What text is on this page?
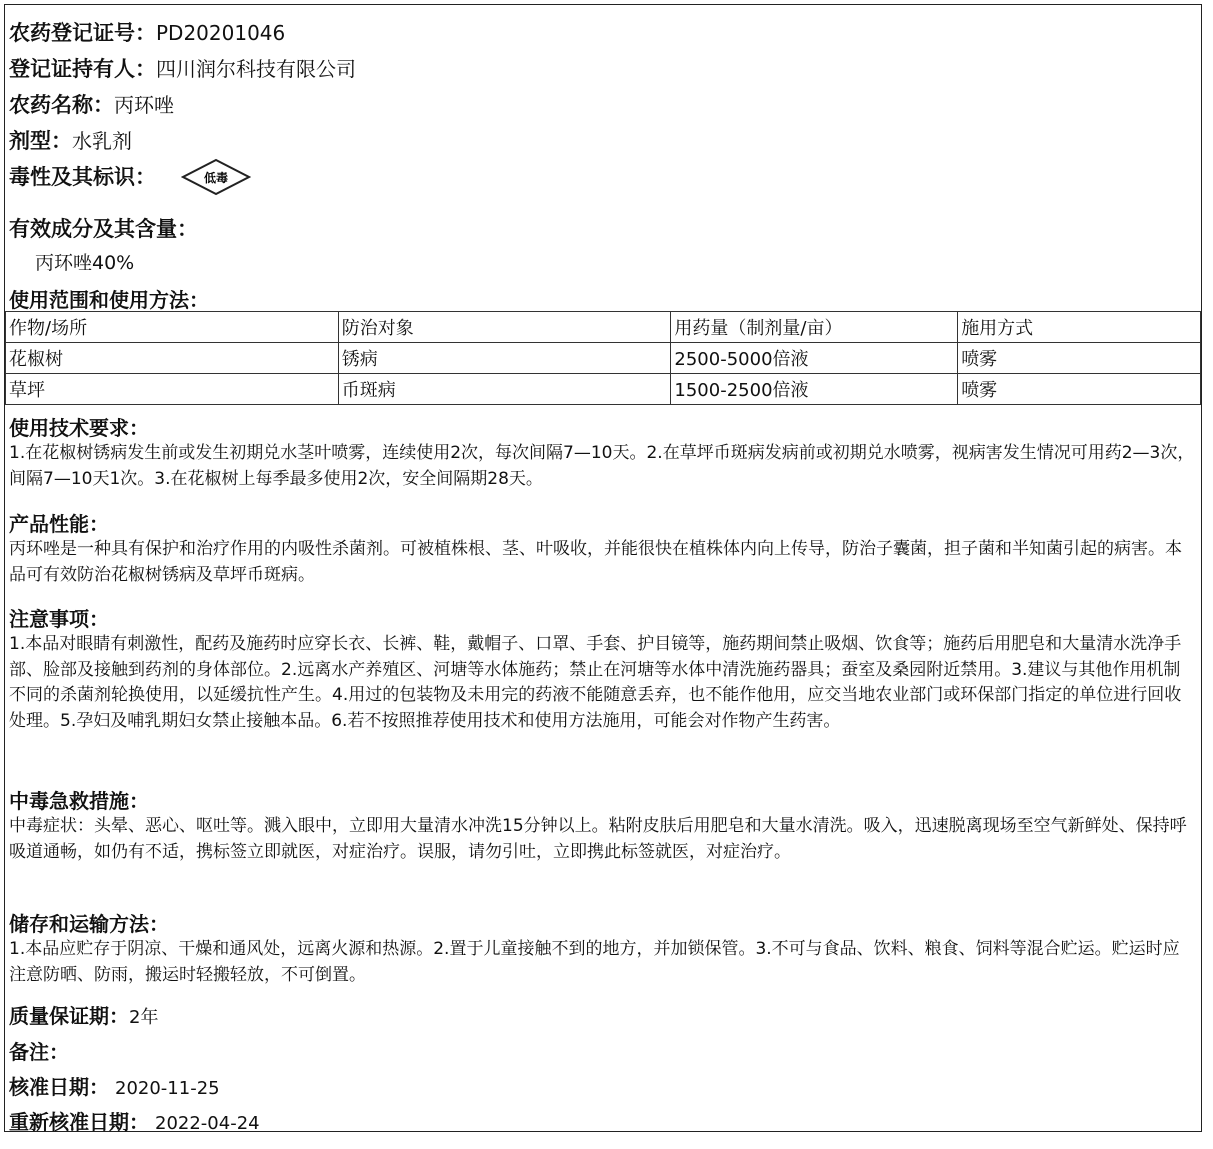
农药登记证号：PD20201046
登记证持有人：四川润尔科技有限公司
农药名称：丙环唑
剂型：水乳剂
毒性及其标识：	低毒
有效成分及其含量：
丙环唑40%
使用范围和使用方法：
作物/场所	防治对象	用药量（制剂量/亩）	施用方式
花椒树	锈病	2500-5000倍液	喷雾
草坪	币斑病	1500-2500倍液	喷雾
使用技术要求：
1.在花椒树锈病发生前或发生初期兑水茎叶喷雾，连续使用2次，每次间隔7—10天。2.在草坪币斑病发病前或初期兑水喷雾，视病害发生情况可用药2—3次，间隔7—10天1次。3.在花椒树上每季最多使用2次，安全间隔期28天。
产品性能：
丙环唑是一种具有保护和治疗作用的内吸性杀菌剂。可被植株根、茎、叶吸收，并能很快在植株体内向上传导，防治子囊菌，担子菌和半知菌引起的病害。本品可有效防治花椒树锈病及草坪币斑病。
注意事项：
1.本品对眼睛有刺激性，配药及施药时应穿长衣、长裤、鞋，戴帽子、口罩、手套、护目镜等，施药期间禁止吸烟、饮食等；施药后用肥皂和大量清水洗净手部、脸部及接触到药剂的身体部位。2.远离水产养殖区、河塘等水体施药；禁止在河塘等水体中清洗施药器具；蚕室及桑园附近禁用。3.建议与其他作用机制不同的杀菌剂轮换使用，以延缓抗性产生。4.用过的包装物及未用完的药液不能随意丢弃，也不能作他用，应交当地农业部门或环保部门指定的单位进行回收处理。5.孕妇及哺乳期妇女禁止接触本品。6.若不按照推荐使用技术和使用方法施用，可能会对作物产生药害。
中毒急救措施：
中毒症状：头晕、恶心、呕吐等。溅入眼中，立即用大量清水冲洗15分钟以上。粘附皮肤后用肥皂和大量水清洗。吸入，迅速脱离现场至空气新鲜处、保持呼吸道通畅，如仍有不适，携标签立即就医，对症治疗。误服，请勿引吐，立即携此标签就医，对症治疗。
储存和运输方法：
1.本品应贮存于阴凉、干燥和通风处，远离火源和热源。2.置于儿童接触不到的地方，并加锁保管。3.不可与食品、饮料、粮食、饲料等混合贮运。贮运时应注意防晒、防雨，搬运时轻搬轻放，不可倒置。
质量保证期：2年
备注：
核准日期： 2020-11-25
重新核准日期： 2022-04-24
